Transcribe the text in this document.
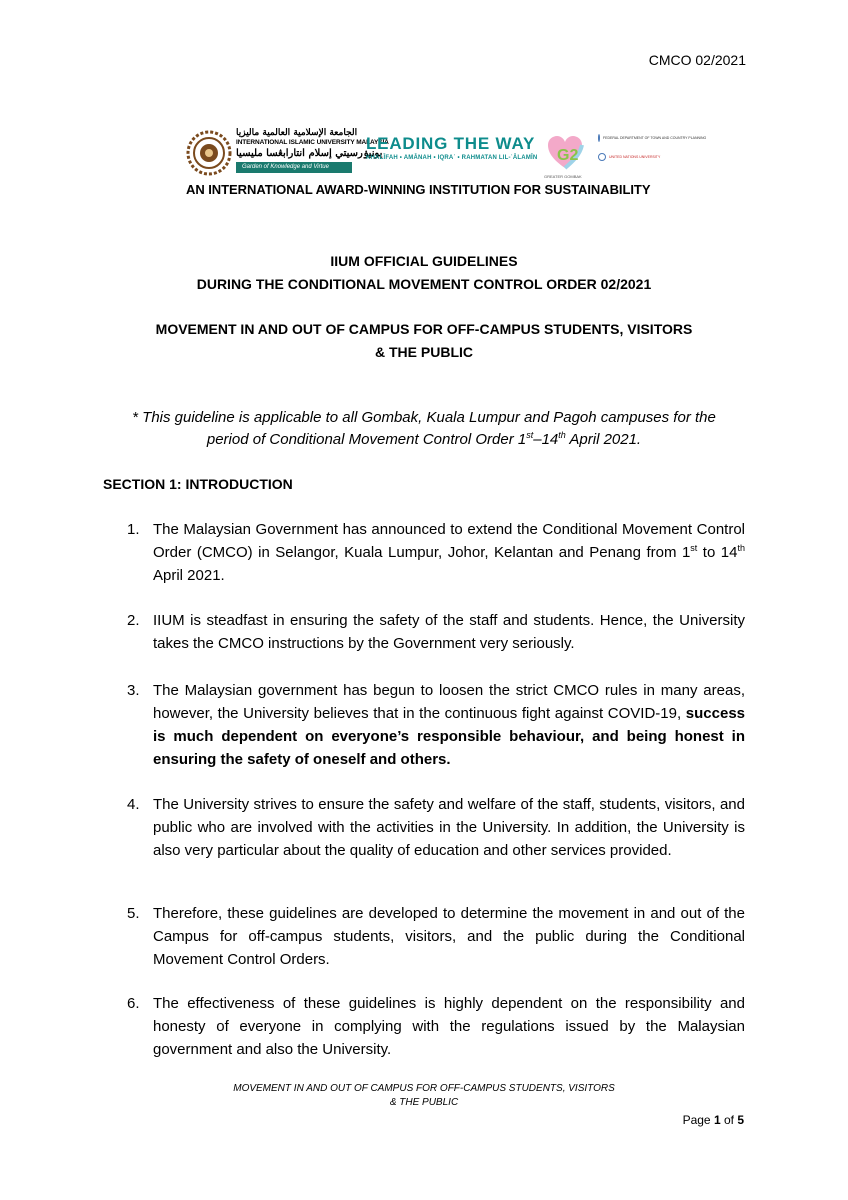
CMCO 02/2021
الجامعة الإسلامية العالمية ماليزيا
INTERNATIONAL ISLAMIC UNIVERSITY MALAYSIA
يونيۏرسيتي إسلام انتارابڠسا مليسيا
Garden of Knowledge and Virtue
LEADING THE WAY
KHALĪFAH • AMĀNAH • IQRAʾ • RAHMATAN LIL-ʿĀLAMĪN G2
GREATER GOMBAK
FEDERAL DEPARTMENT OF TOWN AND COUNTRY PLANNING
UNITED NATIONS UNIVERSITY
AN INTERNATIONAL AWARD-WINNING INSTITUTION FOR SUSTAINABILITY
IIUM OFFICIAL GUIDELINES
DURING THE CONDITIONAL MOVEMENT CONTROL ORDER 02/2021
MOVEMENT IN AND OUT OF CAMPUS FOR OFF-CAMPUS STUDENTS, VISITORS
& THE PUBLIC
* This guideline is applicable to all Gombak, Kuala Lumpur and Pagoh campuses for the
period of Conditional Movement Control Order 1st–14th April 2021.
SECTION 1: INTRODUCTION
1. The Malaysian Government has announced to extend the Conditional Movement Control Order (CMCO) in Selangor, Kuala Lumpur, Johor, Kelantan and Penang from 1st to 14th April 2021.
2. IIUM is steadfast in ensuring the safety of the staff and students. Hence, the University takes the CMCO instructions by the Government very seriously.
3. The Malaysian government has begun to loosen the strict CMCO rules in many areas, however, the University believes that in the continuous fight against COVID-19, success is much dependent on everyone’s responsible behaviour, and being honest in ensuring the safety of oneself and others.
4. The University strives to ensure the safety and welfare of the staff, students, visitors, and public who are involved with the activities in the University. In addition, the University is also very particular about the quality of education and other services provided.
5. Therefore, these guidelines are developed to determine the movement in and out of the Campus for off-campus students, visitors, and the public during the Conditional Movement Control Orders.
6. The effectiveness of these guidelines is highly dependent on the responsibility and honesty of everyone in complying with the regulations issued by the Malaysian government and also the University.
MOVEMENT IN AND OUT OF CAMPUS FOR OFF-CAMPUS STUDENTS, VISITORS
& THE PUBLIC
Page 1 of 5
